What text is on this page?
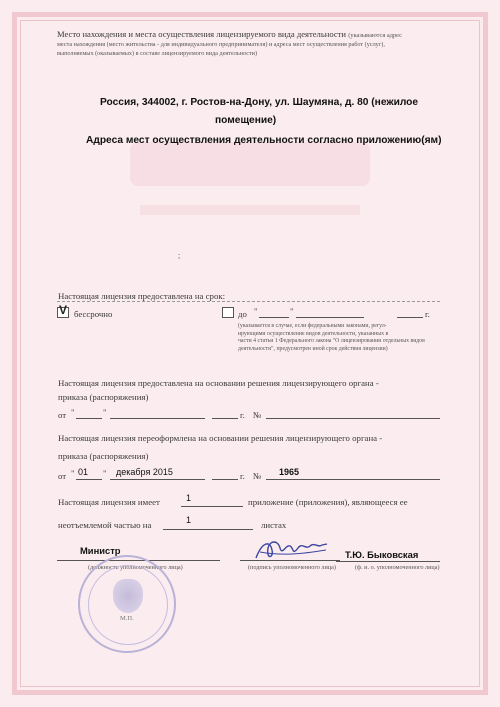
Место нахождения и места осуществления лицензируемого вида деятельности (указываются адрес
места нахождения (место жительства - для индивидуального предпринимателя) и адреса мест осуществления работ (услуг),
выполняемых (оказываемых) в составе лицензируемого вида деятельности)
Россия, 344002, г. Ростов-на-Дону, ул. Шаумяна, д. 80 (нежилое
помещение)
Адреса мест осуществления деятельности согласно приложению(ям)
;
Настоящая лицензия предоставлена на срок:
V бессрочно	до "	"	г.
(указывается в случае, если федеральными законами, регул-
ирующими осуществление видов деятельности, указанных в
части 4 статьи 1 Федерального закона "О лицензировании отдельных видов
деятельности", предусмотрен иной срок действия лицензии)
Настоящая лицензия предоставлена на основании решения лицензирующего органа -
приказа (распоряжения)
от "	"	г. №
Настоящая лицензия переоформлена на основании решения лицензирующего органа -
приказа (распоряжения)
от " 01 " декабря 2015	г. № 1965
Настоящая лицензия имеет	1	приложение (приложения), являющееся ее
неотъемлемой частью на	1	листах
Министр
(должность уполномоченного лица)	(подпись уполномоченного лица)
Т.Ю. Быковская
(ф. и. о. уполномоченного лица)
М.П.
